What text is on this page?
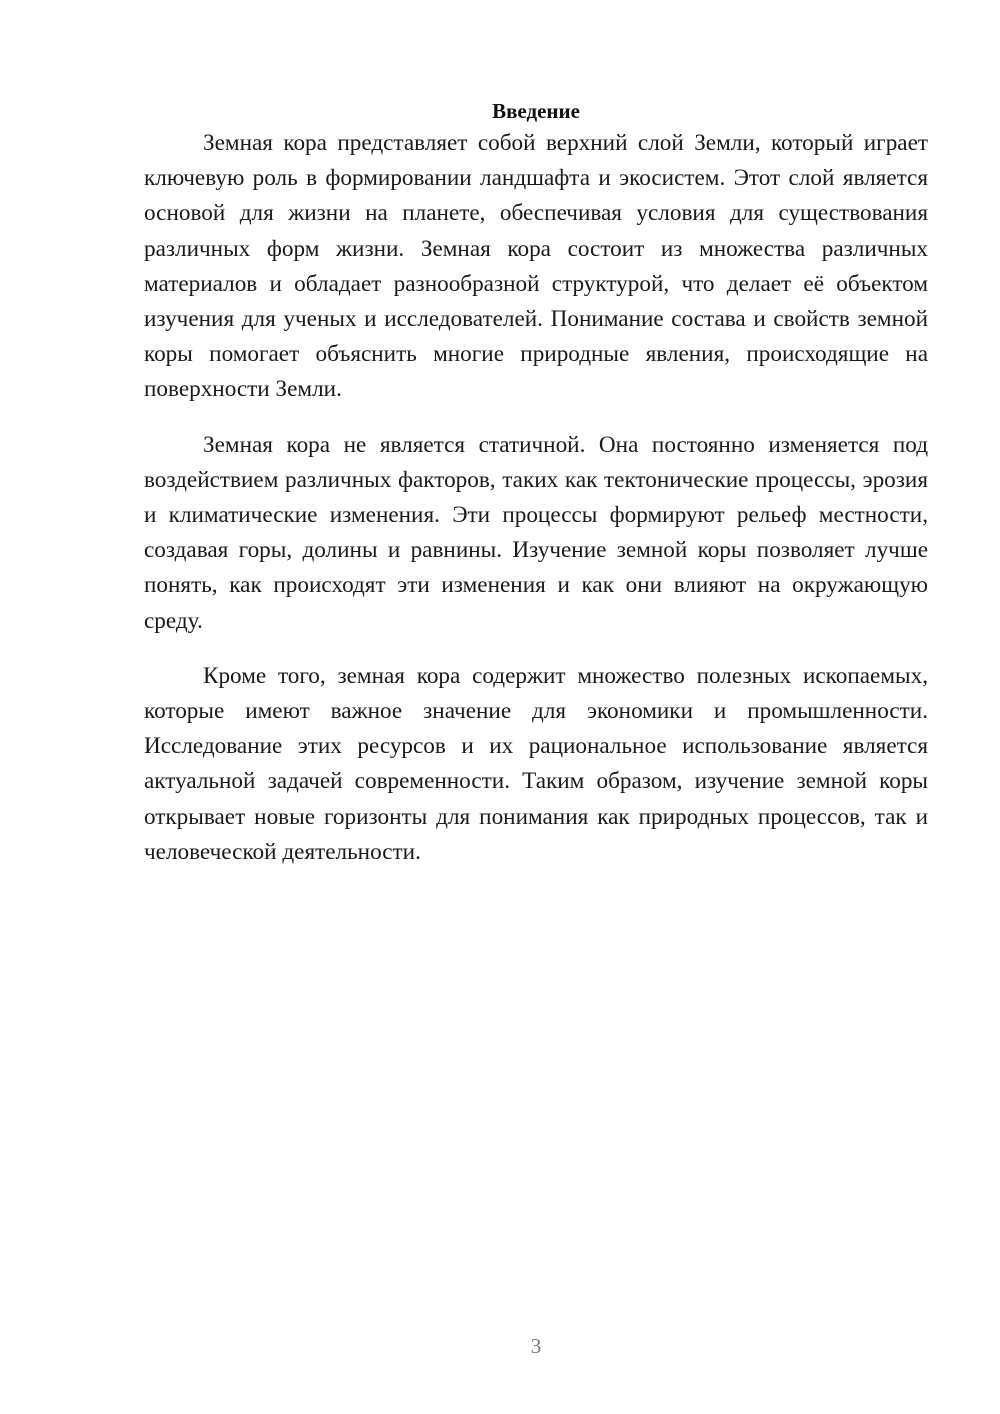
Введение

Земная кора представляет собой верхний слой Земли, который играет ключевую роль в формировании ландшафта и экосистем. Этот слой является основой для жизни на планете, обеспечивая условия для существования различных форм жизни. Земная кора состоит из множества различных материалов и обладает разнообразной структурой, что делает её объектом изучения для ученых и исследователей. Понимание состава и свойств земной коры помогает объяснить многие природные явления, происходящие на поверхности Земли.

Земная кора не является статичной. Она постоянно изменяется под воздействием различных факторов, таких как тектонические процессы, эрозия и климатические изменения. Эти процессы формируют рельеф местности, создавая горы, долины и равнины. Изучение земной коры позволяет лучше понять, как происходят эти изменения и как они влияют на окружающую среду.

Кроме того, земная кора содержит множество полезных ископаемых, которые имеют важное значение для экономики и промышленности. Исследование этих ресурсов и их рациональное использование является актуальной задачей современности. Таким образом, изучение земной коры открывает новые горизонты для понимания как природных процессов, так и человеческой деятельности.

3
